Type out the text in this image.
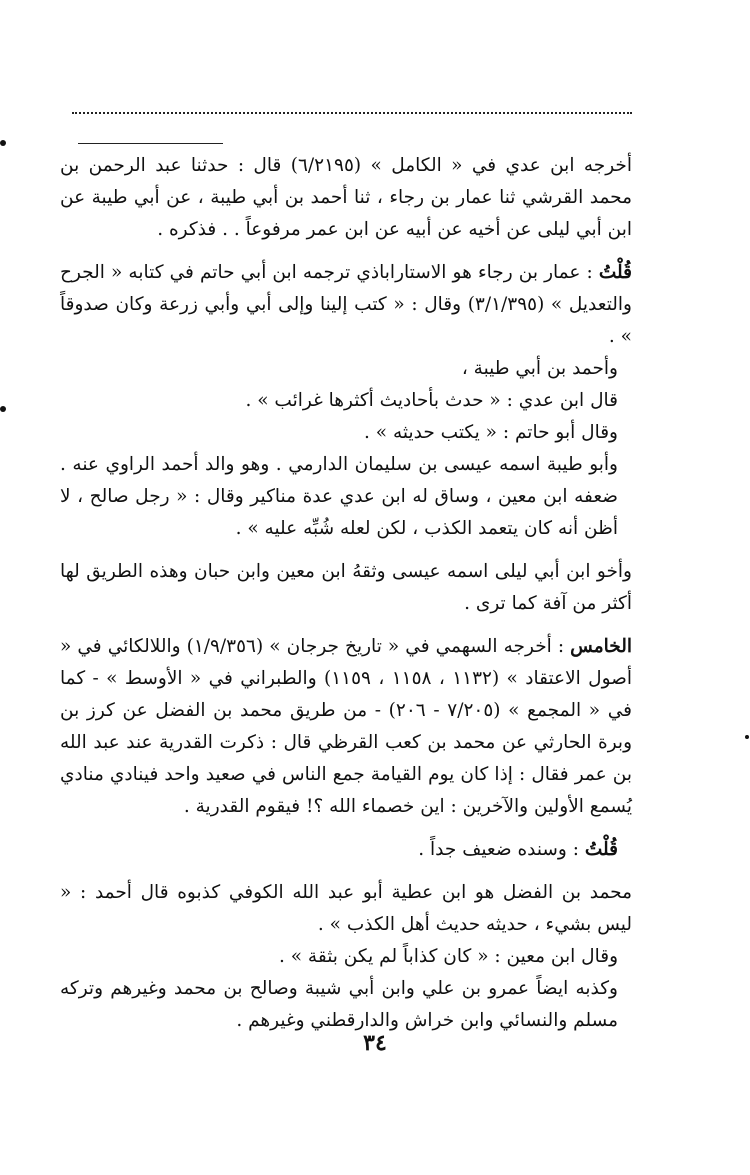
أخرجه ابن عدي في « الكامل » (٦/٢١٩٥) قال : حدثنا عبد الرحمن بن محمد القرشي ثنا عمار بن رجاء ، ثنا أحمد بن أبي طيبة ، عن أبي طيبة عن ابن أبي ليلى عن أخيه عن أبيه عن ابن عمر مرفوعاً . . فذكره .

قُلْتُ : عمار بن رجاء هو الاستاراباذي ترجمه ابن أبي حاتم في كتابه « الجرح والتعديل » (٣/١/٣٩٥) وقال : « كتب إلينا وإلى أبي وأبي زرعة وكان صدوقاً » .

وأحمد بن أبي طيبة ،

قال ابن عدي : « حدث بأحاديث أكثرها غرائب » .

وقال أبو حاتم : « يكتب حديثه » .

وأبو طيبة اسمه عيسى بن سليمان الدارمي . وهو والد أحمد الراوي عنه . ضعفه ابن معين ، وساق له ابن عدي عدة مناكير وقال : « رجل صالح ، لا أظن أنه كان يتعمد الكذب ، لكن لعله شُبِّه عليه » .

وأخو ابن أبي ليلى اسمه عيسى وثقهُ ابن معين وابن حبان وهذه الطريق لها أكثر من آفة كما ترى .

الخامس : أخرجه السهمي في « تاريخ جرجان » (١/٩/٣٥٦) واللالكائي في « أصول الاعتقاد » (١١٣٢ ، ١١٥٨ ، ١١٥٩) والطبراني في « الأوسط » - كما في « المجمع » (٧/٢٠٥ - ٢٠٦) - من طريق محمد بن الفضل عن كرز بن وبرة الحارثي عن محمد بن كعب القرظي قال : ذكرت القدرية عند عبد الله بن عمر فقال : إذا كان يوم القيامة جمع الناس في صعيد واحد فينادي منادي يُسمع الأولين والآخرين : اين خصماء الله ؟! فيقوم القدرية .

قُلْتُ : وسنده ضعيف جداً .

محمد بن الفضل هو ابن عطية أبو عبد الله الكوفي كذبوه قال أحمد : « ليس بشيء ، حديثه حديث أهل الكذب » .

وقال ابن معين : « كان كذاباً لم يكن بثقة » .

وكذبه ايضاً عمرو بن علي وابن أبي شيبة وصالح بن محمد وغيرهم وتركه مسلم والنسائي وابن خراش والدارقطني وغيرهم .

٣٤
